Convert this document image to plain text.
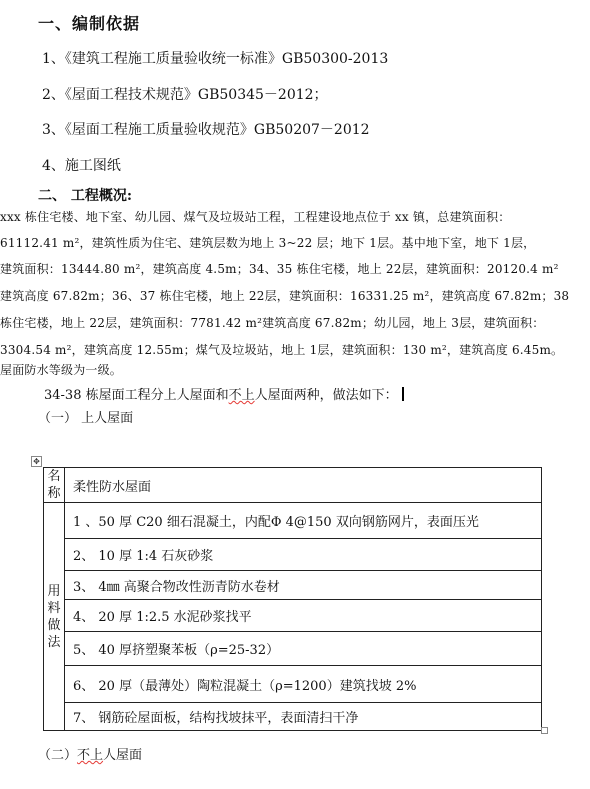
一、编制依据
1、《建筑工程施工质量验收统一标准》GB50300-2013
2、《屋面工程技术规范》GB50345－2012；
3、《屋面工程施工质量验收规范》GB50207－2012
4、施工图纸
二、 工程概况:
xxx 栋住宅楼、地下室、幼儿园、煤气及垃圾站工程，工程建设地点位于 xx 镇，总建筑面积：
61112.41 m²，建筑性质为住宅、建筑层数为地上 3~22 层；地下 1层。基中地下室，地下 1层，
建筑面积：13444.80 m²，建筑高度 4.5m；34、35 栋住宅楼，地上 22层，建筑面积：20120.4 m²
建筑高度 67.82m；36、37 栋住宅楼，地上 22层，建筑面积：16331.25 m²，建筑高度 67.82m；38
栋住宅楼，地上 22层，建筑面积：7781.42 m²建筑高度 67.82m；幼儿园，地上 3层，建筑面积：
3304.54 m²，建筑高度 12.55m；煤气及垃圾站，地上 1层，建筑面积：130 m²，建筑高度 6.45m。
屋面防水等级为一级。
34-38 栋屋面工程分上人屋面和不上人屋面两种，做法如下：
（一） 上人屋面
✥
名称	柔性防水屋面
用料做法	1 、50 厚 C20 细石混凝土，内配Φ 4@150 双向钢筋网片，表面压光
	2、 10 厚 1:4 石灰砂浆
	3、 4㎜ 高聚合物改性沥青防水卷材
	4、 20 厚 1:2.5 水泥砂浆找平
	5、 40 厚挤塑聚苯板（ρ=25-32）
	6、 20 厚（最薄处）陶粒混凝土（ρ=1200）建筑找坡 2%
	7、 钢筋砼屋面板，结构找坡抹平，表面清扫干净
（二）不上人屋面
